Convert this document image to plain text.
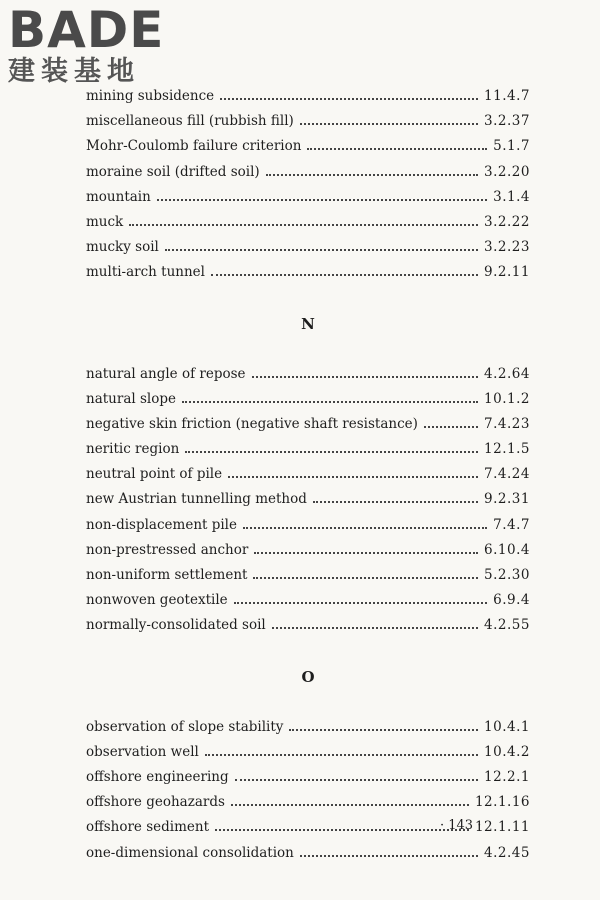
BADE
建装基地
mining subsidence	11.4.7
miscellaneous fill (rubbish fill)	3.2.37
Mohr-Coulomb failure criterion	5.1.7
moraine soil (drifted soil)	3.2.20
mountain	3.1.4
muck	3.2.22
mucky soil	3.2.23
multi-arch tunnel	9.2.11
N
natural angle of repose	4.2.64
natural slope	10.1.2
negative skin friction (negative shaft resistance)	7.4.23
neritic region	12.1.5
neutral point of pile	7.4.24
new Austrian tunnelling method	9.2.31
non-displacement pile	7.4.7
non-prestressed anchor	6.10.4
non-uniform settlement	5.2.30
nonwoven geotextile	6.9.4
normally-consolidated soil	4.2.55
O
observation of slope stability	10.4.1
observation well	10.4.2
offshore engineering	12.2.1
offshore geohazards	12.1.16
offshore sediment	12.1.11
one-dimensional consolidation	4.2.45
· 143 ·
